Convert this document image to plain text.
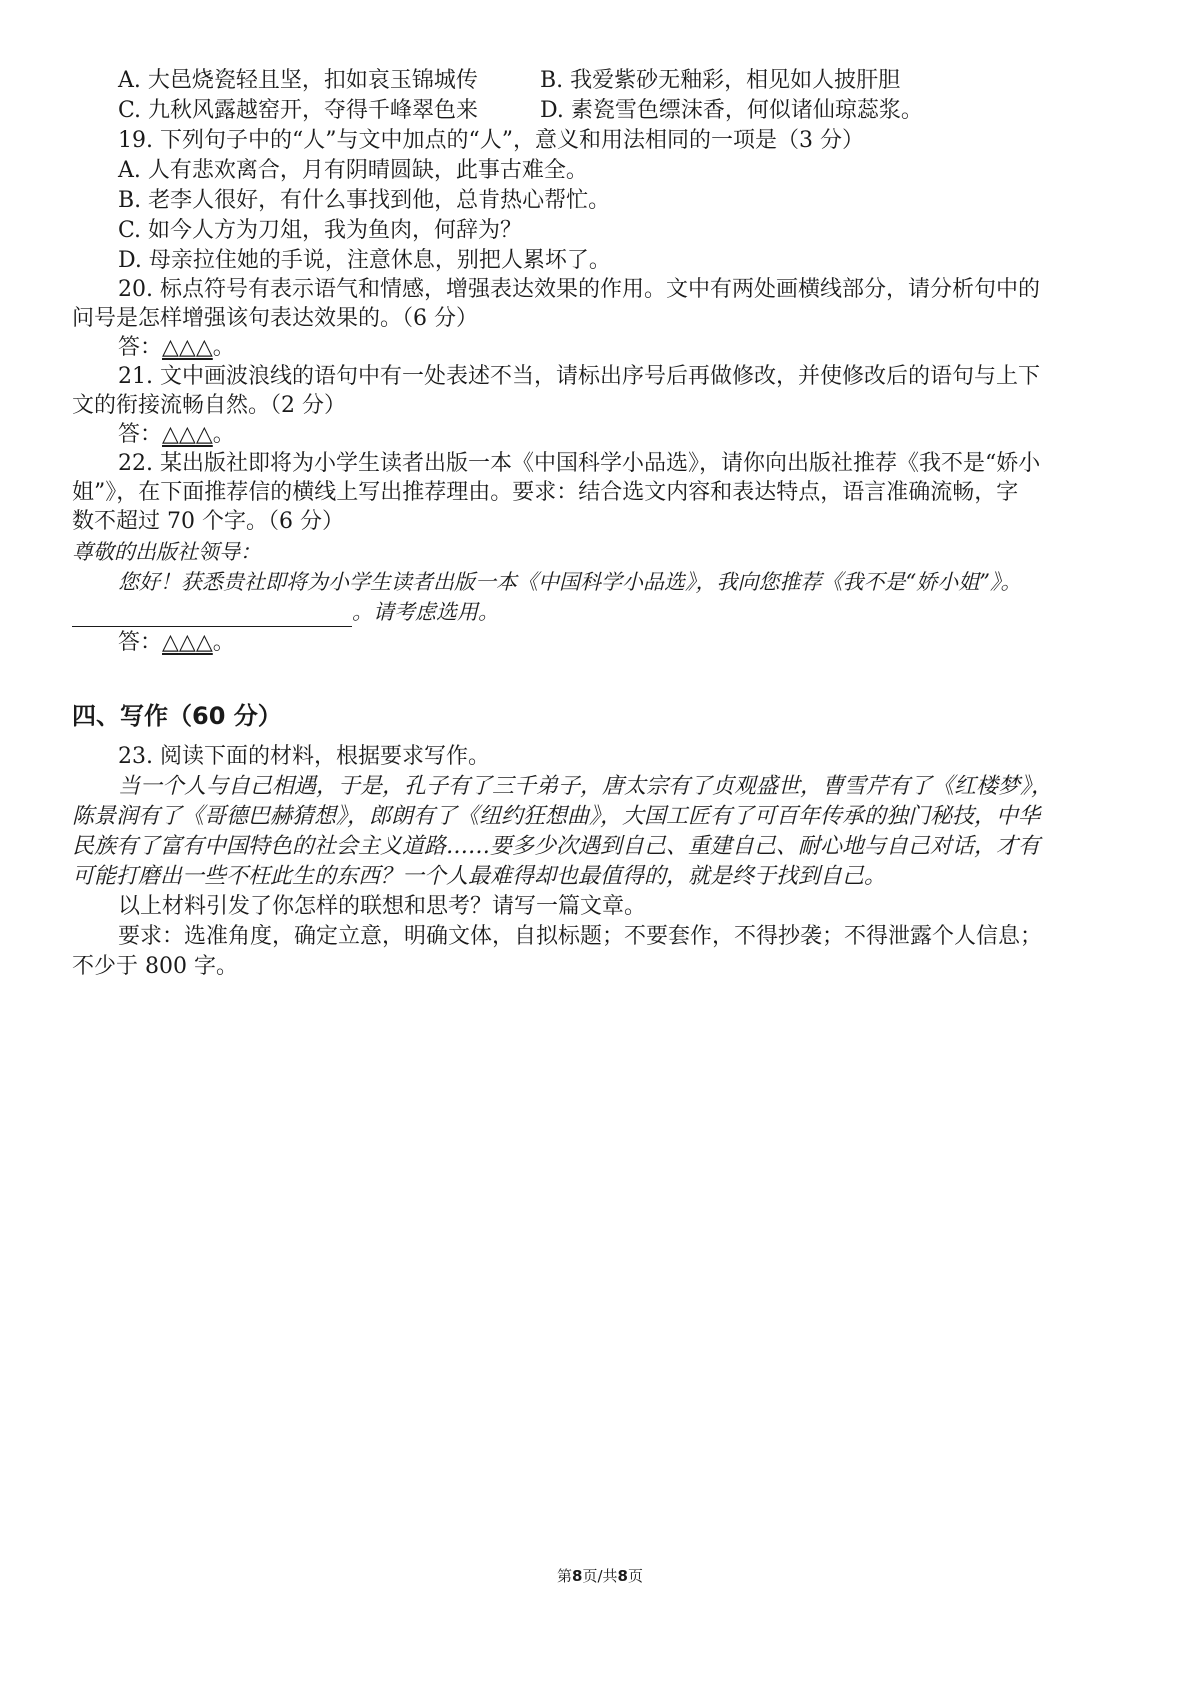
A. 大邑烧瓷轻且坚，扣如哀玉锦城传	B. 我爱紫砂无釉彩，相见如人披肝胆
C. 九秋风露越窑开，夺得千峰翠色来	D. 素瓷雪色缥沫香，何似诸仙琼蕊浆。
19. 下列句子中的“人”与文中加点的“人”，意义和用法相同的一项是（3 分）
A. 人有悲欢离合，月有阴晴圆缺，此事古难全。
B. 老李人很好，有什么事找到他，总肯热心帮忙。
C. 如今人方为刀俎，我为鱼肉，何辞为？
D. 母亲拉住她的手说，注意休息，别把人累坏了。
20. 标点符号有表示语气和情感，增强表达效果的作用。文中有两处画横线部分，请分析句中的
问号是怎样增强该句表达效果的。（6 分）
答：△△△。
21. 文中画波浪线的语句中有一处表述不当，请标出序号后再做修改，并使修改后的语句与上下
文的衔接流畅自然。（2 分）
答：△△△。
22. 某出版社即将为小学生读者出版一本《中国科学小品选》，请你向出版社推荐《我不是“娇小
姐”》，在下面推荐信的横线上写出推荐理由。要求：结合选文内容和表达特点，语言准确流畅，字
数不超过 70 个字。（6 分）
尊敬的出版社领导：
您好！获悉贵社即将为小学生读者出版一本《中国科学小品选》，我向您推荐《我不是“娇小姐”》。
。请考虑选用。
答：△△△。
四、写作（60 分）
23. 阅读下面的材料，根据要求写作。
当一个人与自己相遇，于是，孔子有了三千弟子，唐太宗有了贞观盛世，曹雪芹有了《红楼梦》，
陈景润有了《哥德巴赫猜想》，郎朗有了《纽约狂想曲》，大国工匠有了可百年传承的独门秘技，中华
民族有了富有中国特色的社会主义道路……要多少次遇到自己、重建自己、耐心地与自己对话，才有
可能打磨出一些不枉此生的东西？一个人最难得却也最值得的，就是终于找到自己。
以上材料引发了你怎样的联想和思考？请写一篇文章。
要求：选准角度，确定立意，明确文体，自拟标题；不要套作，不得抄袭；不得泄露个人信息；
不少于 800 字。
第8页/共8页
